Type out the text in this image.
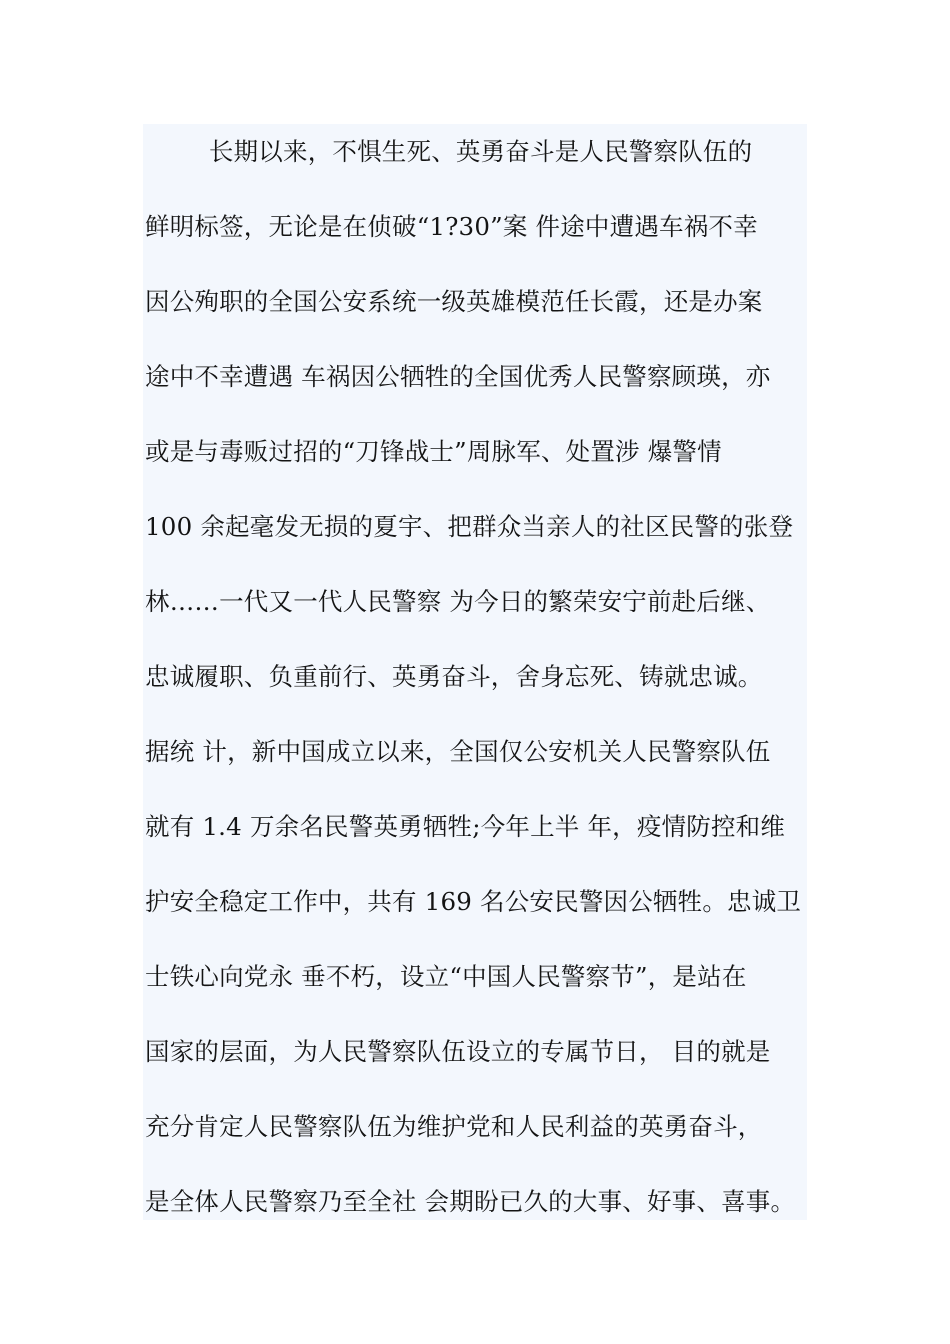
长期以来，不惧生死、英勇奋斗是人民警察队伍的
鲜明标签，无论是在侦破“1?30”案 件途中遭遇车祸不幸
因公殉职的全国公安系统一级英雄模范任长霞，还是办案
途中不幸遭遇 车祸因公牺牲的全国优秀人民警察顾瑛，亦
或是与毒贩过招的“刀锋战士”周脉军、处置涉 爆警情
100 余起毫发无损的夏宇、把群众当亲人的社区民警的张登
林……一代又一代人民警察 为今日的繁荣安宁前赴后继、
忠诚履职、负重前行、英勇奋斗，舍身忘死、铸就忠诚。
据统 计，新中国成立以来，全国仅公安机关人民警察队伍
就有 1.4 万余名民警英勇牺牲;今年上半 年，疫情防控和维
护安全稳定工作中，共有 169 名公安民警因公牺牲。忠诚卫
士铁心向党永 垂不朽，设立“中国人民警察节”，是站在
国家的层面，为人民警察队伍设立的专属节日， 目的就是
充分肯定人民警察队伍为维护党和人民利益的英勇奋斗，
是全体人民警察乃至全社 会期盼已久的大事、好事、喜事。
